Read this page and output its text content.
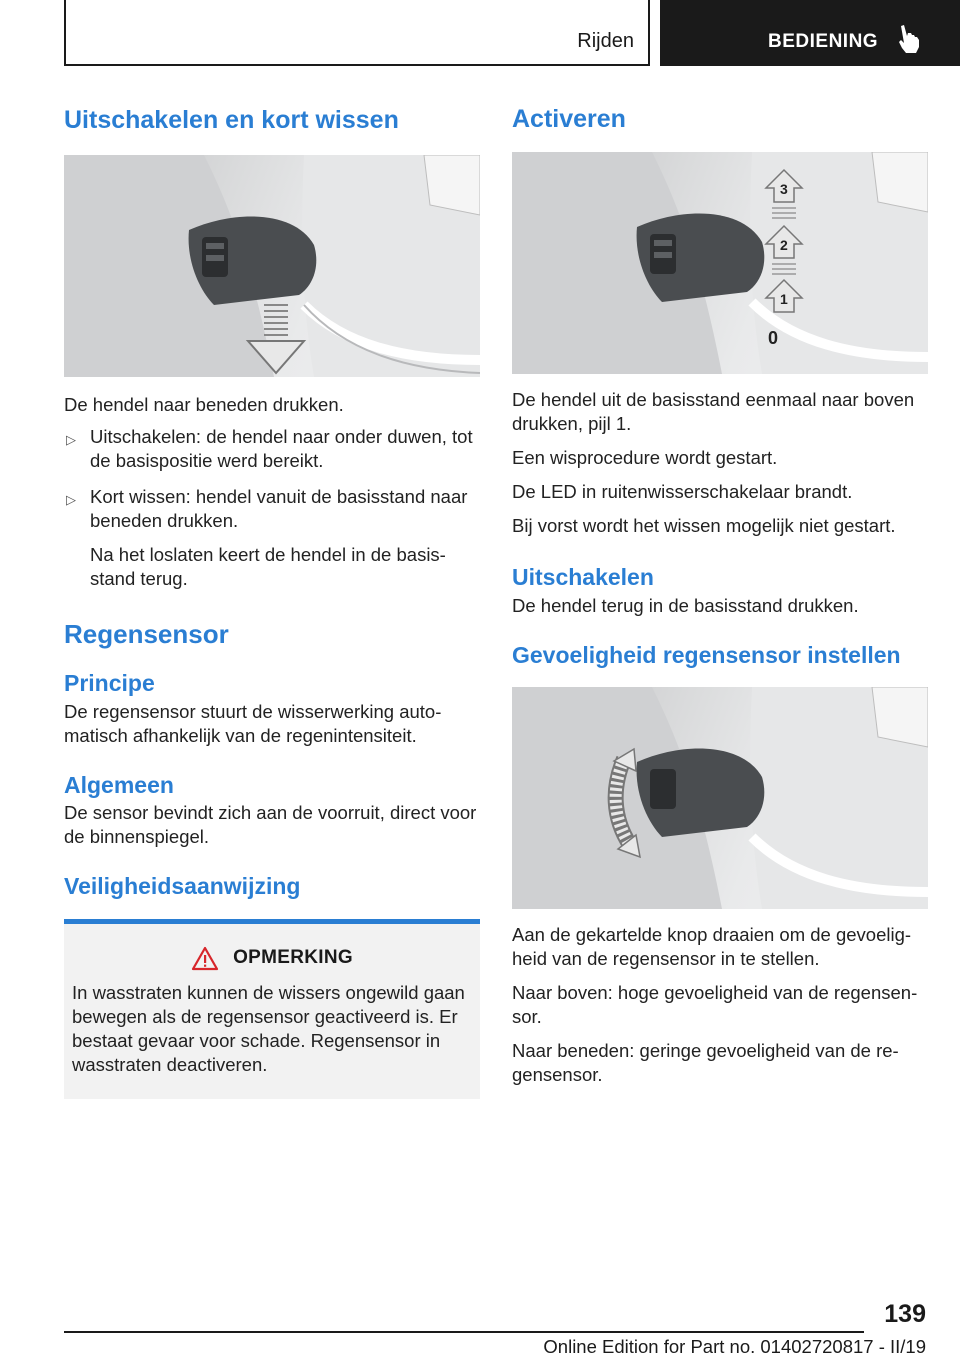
Rijden	BEDIENING
Uitschakelen en kort wissen

De hendel naar beneden drukken.

▷ Uitschakelen: de hendel naar onder duwen, tot de basispositie werd bereikt.
▷ Kort wissen: hendel vanuit de basisstand naar beneden drukken.

Na het loslaten keert de hendel in de basis-stand terug.

Regensensor
Principe

De regensensor stuurt de wisserwerking auto-matisch afhankelijk van de regenintensiteit.

Algemeen

De sensor bevindt zich aan de voorruit, direct voor de binnenspiegel.

Veiligheidsaanwijzing
OPMERKING

In wasstraten kunnen de wissers ongewild gaan bewegen als de regensensor geactiveerd is. Er bestaat gevaar voor schade. Regensensor in wasstraten deactiveren.

Activeren
1
2
3
0

De hendel uit de basisstand eenmaal naar boven drukken, pijl 1.

Een wisprocedure wordt gestart.

De LED in ruitenwisserschakelaar brandt.

Bij vorst wordt het wissen mogelijk niet gestart.

Uitschakelen

De hendel terug in de basisstand drukken.

Gevoeligheid regensensor instellen

Aan de gekartelde knop draaien om de gevoelig-heid van de regensensor in te stellen.

Naar boven: hoge gevoeligheid van de regensen-sor.

Naar beneden: geringe gevoeligheid van de re-gensensor.

139
Online Edition for Part no. 01402720817 - II/19
